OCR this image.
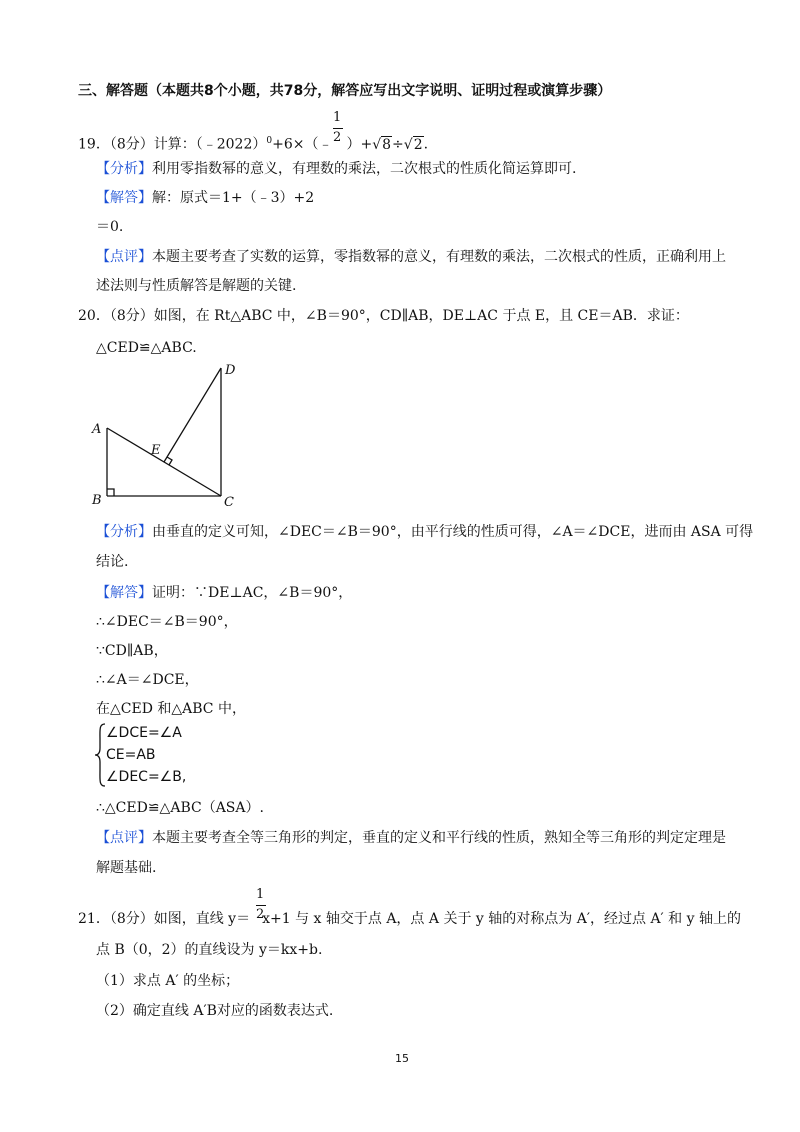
三、解答题（本题共8个小题，共78分，解答应写出文字说明、证明过程或演算步骤）
19．（8分）计算：（﹣2022）$^0$+6×（﹣ ）+√8÷√2.
1
2
【分析】利用零指数幂的意义，有理数的乘法，二次根式的性质化简运算即可.
【解答】解：原式＝1+（﹣3）+2
＝0.
【点评】本题主要考查了实数的运算，零指数幂的意义，有理数的乘法，二次根式的性质，正确利用上
述法则与性质解答是解题的关键.
20．（8分）如图，在 Rt△ABC 中，∠B＝90°，CD∥AB，DE⊥AC 于点 E，且 CE＝AB．求证：
△CED≌△ABC.
A
B	C
D
E
【分析】由垂直的定义可知，∠DEC＝∠B＝90°，由平行线的性质可得，∠A＝∠DCE，进而由 ASA 可得
结论.
【解答】证明：∵DE⊥AC，∠B＝90°，
∴∠DEC＝∠B＝90°，
∵CD∥AB，
∴∠A＝∠DCE，
在△CED 和△ABC 中，
∠DCE=∠A
CE=AB
∠DEC=∠B,
∴△CED≌△ABC（ASA）.
【点评】本题主要考查全等三角形的判定，垂直的定义和平行线的性质，熟知全等三角形的判定定理是
解题基础.
21．（8分）如图，直线 y＝ x+1 与 x 轴交于点 A，点 A 关于 y 轴的对称点为 A′，经过点 A′ 和 y 轴上的
1
2
点 B（0，2）的直线设为 y＝kx+b.
（1）求点 A′ 的坐标；
（2）确定直线 A′B对应的函数表达式.
15
